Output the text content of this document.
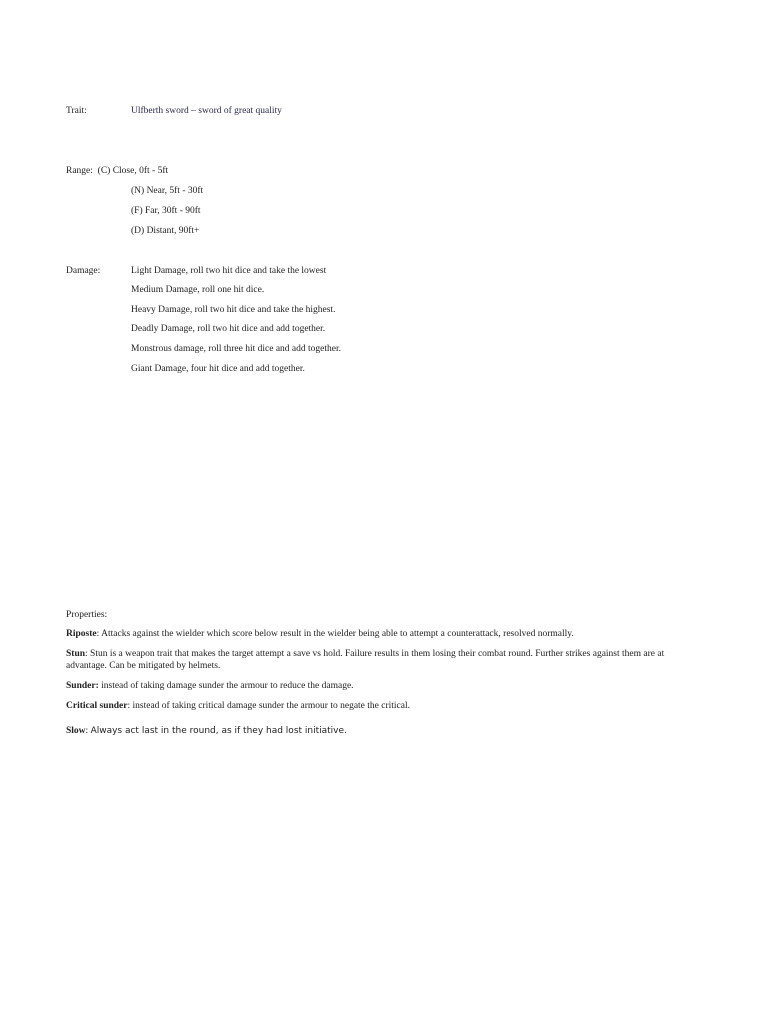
Trait:	Ulfberth sword – sword of great quality
Range: (C) Close, 0ft - 5ft
(N) Near, 5ft - 30ft
(F) Far, 30ft - 90ft
(D) Distant, 90ft+
Damage:	Light Damage, roll two hit dice and take the lowest
Medium Damage, roll one hit dice.
Heavy Damage, roll two hit dice and take the highest.
Deadly Damage, roll two hit dice and add together.
Monstrous damage, roll three hit dice and add together.
Giant Damage, four hit dice and add together.
Properties:
Riposte: Attacks against the wielder which score below result in the wielder being able to attempt a counterattack, resolved normally.
Stun: Stun is a weapon trait that makes the target attempt a save vs hold. Failure results in them losing their combat round. Further strikes against them are at advantage. Can be mitigated by helmets.
Sunder: instead of taking damage sunder the armour to reduce the damage.
Critical sunder: instead of taking critical damage sunder the armour to negate the critical.
Slow: Always act last in the round, as if they had lost initiative.
